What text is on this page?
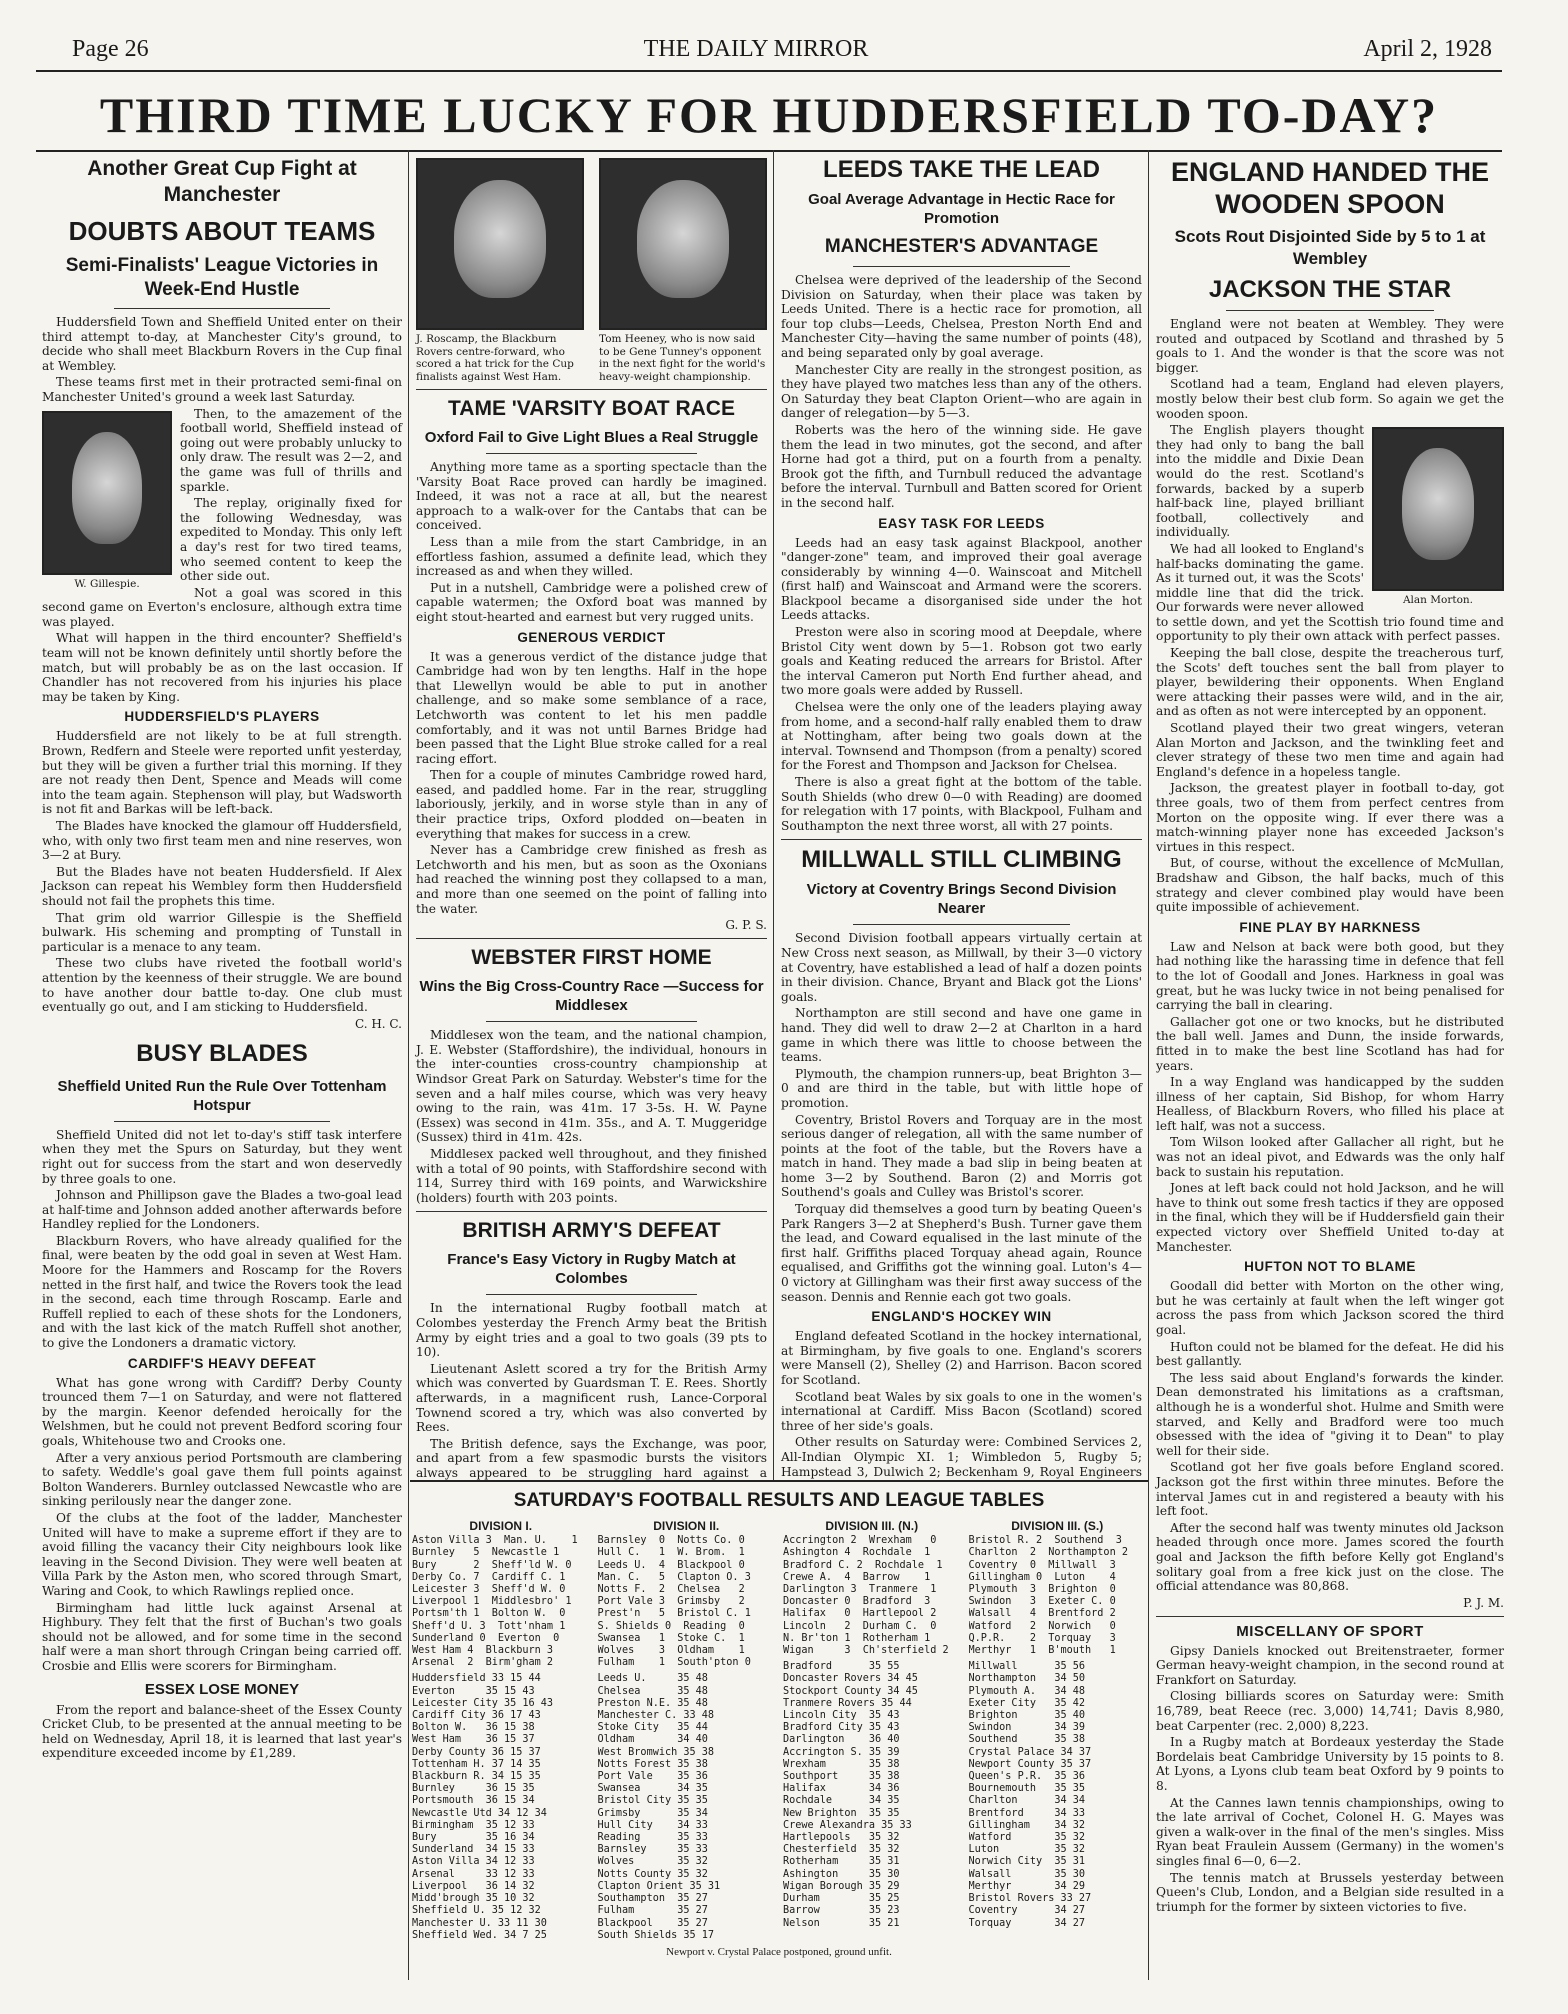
Page 26	THE DAILY MIRROR	April 2, 1928
THIRD TIME LUCKY FOR HUDDERSFIELD TO-DAY?
Another Great Cup Fight at Manchester
DOUBTS ABOUT TEAMS
Semi-Finalists' League Victories in Week-End Hustle

Huddersfield Town and Sheffield United enter on their third attempt to-day, at Manchester City's ground, to decide who shall meet Blackburn Rovers in the Cup final at Wembley.

These teams first met in their protracted semi-final on Manchester United's ground a week last Saturday.

W. Gillespie.

Then, to the amazement of the football world, Sheffield instead of going out were probably unlucky to only draw. The result was 2—2, and the game was full of thrills and sparkle.

The replay, originally fixed for the following Wednesday, was expedited to Monday. This only left a day's rest for two tired teams, who seemed content to keep the other side out.

Not a goal was scored in this second game on Everton's enclosure, although extra time was played.

What will happen in the third encounter? Sheffield's team will not be known definitely until shortly before the match, but will probably be as on the last occasion. If Chandler has not recovered from his injuries his place may be taken by King.

HUDDERSFIELD'S PLAYERS

Huddersfield are not likely to be at full strength. Brown, Redfern and Steele were reported unfit yesterday, but they will be given a further trial this morning. If they are not ready then Dent, Spence and Meads will come into the team again. Stephenson will play, but Wadsworth is not fit and Barkas will be left-back.

The Blades have knocked the glamour off Huddersfield, who, with only two first team men and nine reserves, won 3—2 at Bury.

But the Blades have not beaten Huddersfield. If Alex Jackson can repeat his Wembley form then Huddersfield should not fail the prophets this time.

That grim old warrior Gillespie is the Sheffield bulwark. His scheming and prompting of Tunstall in particular is a menace to any team.

These two clubs have riveted the football world's attention by the keenness of their struggle. We are bound to have another dour battle to-day. One club must eventually go out, and I am sticking to Huddersfield.

C. H. C.
BUSY BLADES
Sheffield United Run the Rule Over Tottenham Hotspur

Sheffield United did not let to-day's stiff task interfere when they met the Spurs on Saturday, but they went right out for success from the start and won deservedly by three goals to one.

Johnson and Phillipson gave the Blades a two-goal lead at half-time and Johnson added another afterwards before Handley replied for the Londoners.

Blackburn Rovers, who have already qualified for the final, were beaten by the odd goal in seven at West Ham. Moore for the Hammers and Roscamp for the Rovers netted in the first half, and twice the Rovers took the lead in the second, each time through Roscamp. Earle and Ruffell replied to each of these shots for the Londoners, and with the last kick of the match Ruffell shot another, to give the Londoners a dramatic victory.

CARDIFF'S HEAVY DEFEAT

What has gone wrong with Cardiff? Derby County trounced them 7—1 on Saturday, and were not flattered by the margin. Keenor defended heroically for the Welshmen, but he could not prevent Bedford scoring four goals, Whitehouse two and Crooks one.

After a very anxious period Portsmouth are clambering to safety. Weddle's goal gave them full points against Bolton Wanderers. Burnley outclassed Newcastle who are sinking perilously near the danger zone.

Of the clubs at the foot of the ladder, Manchester United will have to make a supreme effort if they are to avoid filling the vacancy their City neighbours look like leaving in the Second Division. They were well beaten at Villa Park by the Aston men, who scored through Smart, Waring and Cook, to which Rawlings replied once.

Birmingham had little luck against Arsenal at Highbury. They felt that the first of Buchan's two goals should not be allowed, and for some time in the second half were a man short through Cringan being carried off. Crosbie and Ellis were scorers for Birmingham.

ESSEX LOSE MONEY

From the report and balance-sheet of the Essex County Cricket Club, to be presented at the annual meeting to be held on Wednesday, April 18, it is learned that last year's expenditure exceeded income by £1,289.

J. Roscamp, the Blackburn Rovers centre-forward, who scored a hat trick for the Cup finalists against West Ham.
Tom Heeney, who is now said to be Gene Tunney's opponent in the next fight for the world's heavy-weight championship.
TAME 'VARSITY BOAT RACE
Oxford Fail to Give Light Blues a Real Struggle

Anything more tame as a sporting spectacle than the 'Varsity Boat Race proved can hardly be imagined. Indeed, it was not a race at all, but the nearest approach to a walk-over for the Cantabs that can be conceived.

Less than a mile from the start Cambridge, in an effortless fashion, assumed a definite lead, which they increased as and when they willed.

Put in a nutshell, Cambridge were a polished crew of capable watermen; the Oxford boat was manned by eight stout-hearted and earnest but very rugged units.

GENEROUS VERDICT

It was a generous verdict of the distance judge that Cambridge had won by ten lengths. Half in the hope that Llewellyn would be able to put in another challenge, and so make some semblance of a race, Letchworth was content to let his men paddle comfortably, and it was not until Barnes Bridge had been passed that the Light Blue stroke called for a real racing effort.

Then for a couple of minutes Cambridge rowed hard, eased, and paddled home. Far in the rear, struggling laboriously, jerkily, and in worse style than in any of their practice trips, Oxford plodded on—beaten in everything that makes for success in a crew.

Never has a Cambridge crew finished as fresh as Letchworth and his men, but as soon as the Oxonians had reached the winning post they collapsed to a man, and more than one seemed on the point of falling into the water.

G. P. S.
WEBSTER FIRST HOME
Wins the Big Cross-Country Race —Success for Middlesex

Middlesex won the team, and the national champion, J. E. Webster (Staffordshire), the individual, honours in the inter-counties cross-country championship at Windsor Great Park on Saturday. Webster's time for the seven and a half miles course, which was very heavy owing to the rain, was 41m. 17 3-5s. H. W. Payne (Essex) was second in 41m. 35s., and A. T. Muggeridge (Sussex) third in 41m. 42s.

Middlesex packed well throughout, and they finished with a total of 90 points, with Staffordshire second with 114, Surrey third with 169 points, and Warwickshire (holders) fourth with 203 points.

BRITISH ARMY'S DEFEAT
France's Easy Victory in Rugby Match at Colombes

In the international Rugby football match at Colombes yesterday the French Army beat the British Army by eight tries and a goal to two goals (39 pts to 10).

Lieutenant Aslett scored a try for the British Army which was converted by Guardsman T. E. Rees. Shortly afterwards, in a magnificent rush, Lance-Corporal Townend scored a try, which was also converted by Rees.

The British defence, says the Exchange, was poor, and apart from a few spasmodic bursts the visitors always appeared to be struggling hard against a

LEEDS TAKE THE LEAD
Goal Average Advantage in Hectic Race for Promotion
MANCHESTER'S ADVANTAGE

Chelsea were deprived of the leadership of the Second Division on Saturday, when their place was taken by Leeds United. There is a hectic race for promotion, all four top clubs—Leeds, Chelsea, Preston North End and Manchester City—having the same number of points (48), and being separated only by goal average.

Manchester City are really in the strongest position, as they have played two matches less than any of the others. On Saturday they beat Clapton Orient—who are again in danger of relegation—by 5—3.

Roberts was the hero of the winning side. He gave them the lead in two minutes, got the second, and after Horne had got a third, put on a fourth from a penalty. Brook got the fifth, and Turnbull reduced the advantage before the interval. Turnbull and Batten scored for Orient in the second half.

EASY TASK FOR LEEDS

Leeds had an easy task against Blackpool, another "danger-zone" team, and improved their goal average considerably by winning 4—0. Wainscoat and Mitchell (first half) and Wainscoat and Armand were the scorers. Blackpool became a disorganised side under the hot Leeds attacks.

Preston were also in scoring mood at Deepdale, where Bristol City went down by 5—1. Robson got two early goals and Keating reduced the arrears for Bristol. After the interval Cameron put North End further ahead, and two more goals were added by Russell.

Chelsea were the only one of the leaders playing away from home, and a second-half rally enabled them to draw at Nottingham, after being two goals down at the interval. Townsend and Thompson (from a penalty) scored for the Forest and Thompson and Jackson for Chelsea.

There is also a great fight at the bottom of the table. South Shields (who drew 0—0 with Reading) are doomed for relegation with 17 points, with Blackpool, Fulham and Southampton the next three worst, all with 27 points.

MILLWALL STILL CLIMBING
Victory at Coventry Brings Second Division Nearer

Second Division football appears virtually certain at New Cross next season, as Millwall, by their 3—0 victory at Coventry, have established a lead of half a dozen points in their division. Chance, Bryant and Black got the Lions' goals.

Northampton are still second and have one game in hand. They did well to draw 2—2 at Charlton in a hard game in which there was little to choose between the teams.

Plymouth, the champion runners-up, beat Brighton 3—0 and are third in the table, but with little hope of promotion.

Coventry, Bristol Rovers and Torquay are in the most serious danger of relegation, all with the same number of points at the foot of the table, but the Rovers have a match in hand. They made a bad slip in being beaten at home 3—2 by Southend. Baron (2) and Morris got Southend's goals and Culley was Bristol's scorer.

Torquay did themselves a good turn by beating Queen's Park Rangers 3—2 at Shepherd's Bush. Turner gave them the lead, and Coward equalised in the last minute of the first half. Griffiths placed Torquay ahead again, Rounce equalised, and Griffiths got the winning goal. Luton's 4—0 victory at Gillingham was their first away success of the season. Dennis and Rennie each got two goals.

ENGLAND'S HOCKEY WIN

England defeated Scotland in the hockey international, at Birmingham, by five goals to one. England's scorers were Mansell (2), Shelley (2) and Harrison. Bacon scored for Scotland.

Scotland beat Wales by six goals to one in the women's international at Cardiff. Miss Bacon (Scotland) scored three of her side's goals.

Other results on Saturday were: Combined Services 2, All-Indian Olympic XI. 1; Wimbledon 5, Rugby 5; Hampstead 3, Dulwich 2; Beckenham 9, Royal Engineers

ENGLAND HANDED THE WOODEN SPOON
Scots Rout Disjointed Side by 5 to 1 at Wembley
JACKSON THE STAR

England were not beaten at Wembley. They were routed and outpaced by Scotland and thrashed by 5 goals to 1. And the wonder is that the score was not bigger.

Scotland had a team, England had eleven players, mostly below their best club form. So again we get the wooden spoon.

Alan Morton.

The English players thought they had only to bang the ball into the middle and Dixie Dean would do the rest. Scotland's forwards, backed by a superb half-back line, played brilliant football, collectively and individually.

We had all looked to England's half-backs dominating the game. As it turned out, it was the Scots' middle line that did the trick. Our forwards were never allowed to settle down, and yet the Scottish trio found time and opportunity to ply their own attack with perfect passes.

Keeping the ball close, despite the treacherous turf, the Scots' deft touches sent the ball from player to player, bewildering their opponents. When England were attacking their passes were wild, and in the air, and as often as not were intercepted by an opponent.

Scotland played their two great wingers, veteran Alan Morton and Jackson, and the twinkling feet and clever strategy of these two men time and again had England's defence in a hopeless tangle.

Jackson, the greatest player in football to-day, got three goals, two of them from perfect centres from Morton on the opposite wing. If ever there was a match-winning player none has exceeded Jackson's virtues in this respect.

But, of course, without the excellence of McMullan, Bradshaw and Gibson, the half backs, much of this strategy and clever combined play would have been quite impossible of achievement.

FINE PLAY BY HARKNESS

Law and Nelson at back were both good, but they had nothing like the harassing time in defence that fell to the lot of Goodall and Jones. Harkness in goal was great, but he was lucky twice in not being penalised for carrying the ball in clearing.

Gallacher got one or two knocks, but he distributed the ball well. James and Dunn, the inside forwards, fitted in to make the best line Scotland has had for years.

In a way England was handicapped by the sudden illness of her captain, Sid Bishop, for whom Harry Healless, of Blackburn Rovers, who filled his place at left half, was not a success.

Tom Wilson looked after Gallacher all right, but he was not an ideal pivot, and Edwards was the only half back to sustain his reputation.

Jones at left back could not hold Jackson, and he will have to think out some fresh tactics if they are opposed in the final, which they will be if Huddersfield gain their expected victory over Sheffield United to-day at Manchester.

HUFTON NOT TO BLAME

Goodall did better with Morton on the other wing, but he was certainly at fault when the left winger got across the pass from which Jackson scored the third goal.

Hufton could not be blamed for the defeat. He did his best gallantly.

The less said about England's forwards the kinder. Dean demonstrated his limitations as a craftsman, although he is a wonderful shot. Hulme and Smith were starved, and Kelly and Bradford were too much obsessed with the idea of "giving it to Dean" to play well for their side.

Scotland got her five goals before England scored. Jackson got the first within three minutes. Before the interval James cut in and registered a beauty with his left foot.

After the second half was twenty minutes old Jackson headed through once more. James scored the fourth goal and Jackson the fifth before Kelly got England's solitary goal from a free kick just on the close. The official attendance was 80,868.

P. J. M.
MISCELLANY OF SPORT

Gipsy Daniels knocked out Breitenstraeter, former German heavy-weight champion, in the second round at Frankfort on Saturday.

Closing billiards scores on Saturday were: Smith 16,789, beat Reece (rec. 3,000) 14,741; Davis 8,980, beat Carpenter (rec. 2,000) 8,223.

In a Rugby match at Bordeaux yesterday the Stade Bordelais beat Cambridge University by 15 points to 8. At Lyons, a Lyons club team beat Oxford by 9 points to 8.

At the Cannes lawn tennis championships, owing to the late arrival of Cochet, Colonel H. G. Mayes was given a walk-over in the final of the men's singles. Miss Ryan beat Fraulein Aussem (Germany) in the women's singles final 6—0, 6—2.

The tennis match at Brussels yesterday between Queen's Club, London, and a Belgian side resulted in a triumph for the former by sixteen victories to five.

SATURDAY'S FOOTBALL RESULTS AND LEAGUE TABLES
DIVISION I.
Aston Villa 3  Man. U.    1
Burnley   5  Newcastle 1
Bury      2  Sheff'ld W. 0
Derby Co. 7  Cardiff C. 1
Leicester 3  Sheff'd W. 0
Liverpool 1  Middlesbro' 1
Portsm'th 1  Bolton W.  0
Sheff'd U. 3  Tott'nham 1
Sunderland 0  Everton  0
West Ham 4  Blackburn 3
Arsenal  2  Birm'gham 2
Huddersfield 33 15 44
Everton     35 15 43
Leicester City 35 16 43
Cardiff City 36 17 43
Bolton W.   36 15 38
West Ham    36 15 37
Derby County 36 15 37
Tottenham H. 37 14 35
Blackburn R. 34 15 35
Burnley     36 15 35
Portsmouth  36 15 34
Newcastle Utd 34 12 34
Birmingham  35 12 33
Bury        35 16 34
Sunderland  34 15 33
Aston Villa 34 12 33
Arsenal     33 12 33
Liverpool   36 14 32
Midd'brough 35 10 32
Sheffield U. 35 12 32
Manchester U. 33 11 30
Sheffield Wed. 34 7 25
DIVISION II.
Barnsley  0  Notts Co. 0
Hull C.   1  W. Brom.  1
Leeds U.  4  Blackpool 0
Man. C.   5  Clapton O. 3
Notts F.  2  Chelsea   2
Port Vale 3  Grimsby   2
Prest'n   5  Bristol C. 1
S. Shields 0  Reading  0
Swansea   1  Stoke C.  1
Wolves    3  Oldham    1
Fulham    1  South'pton 0
Leeds U.     35 48
Chelsea      35 48
Preston N.E. 35 48
Manchester C. 33 48
Stoke City   35 44
Oldham       34 40
West Bromwich 35 38
Notts Forest 35 38
Port Vale    35 36
Swansea      34 35
Bristol City 35 35
Grimsby      35 34
Hull City    34 33
Reading      35 33
Barnsley     35 33
Wolves       35 32
Notts County 35 32
Clapton Orient 35 31
Southampton  35 27
Fulham       35 27
Blackpool    35 27
South Shields 35 17
DIVISION III. (N.)
Accrington 2  Wrexham   0
Ashington 4  Rochdale  1
Bradford C. 2  Rochdale  1
Crewe A.  4  Barrow    1
Darlington 3  Tranmere  1
Doncaster 0  Bradford  3
Halifax   0  Hartlepool 2
Lincoln   2  Durham C.  0
N. Br'ton 1  Rotherham 1
Wigan     3  Ch'sterfield 2
Bradford      35 55
Doncaster Rovers 34 45
Stockport County 34 45
Tranmere Rovers 35 44
Lincoln City  35 43
Bradford City 35 43
Darlington    36 40
Accrington S. 35 39
Wrexham       35 38
Southport     35 38
Halifax       34 36
Rochdale      34 35
New Brighton  35 35
Crewe Alexandra 35 33
Hartlepools   35 32
Chesterfield  35 32
Rotherham     35 31
Ashington     35 30
Wigan Borough 35 29
Durham        35 25
Barrow        35 23
Nelson        35 21
DIVISION III. (S.)
Bristol R. 2  Southend  3
Charlton  2  Northampton 2
Coventry  0  Millwall  3
Gillingham 0  Luton    4
Plymouth  3  Brighton  0
Swindon   3  Exeter C. 0
Walsall   4  Brentford 2
Watford   2  Norwich   0
Q.P.R.    2  Torquay   3
Merthyr   1  B'mouth   1
Millwall      35 56
Northampton   34 50
Plymouth A.   34 48
Exeter City   35 42
Brighton      35 40
Swindon       34 39
Southend      35 38
Crystal Palace 34 37
Newport County 35 37
Queen's P.R.  35 36
Bournemouth   35 35
Charlton      34 34
Brentford     34 33
Gillingham    34 32
Watford       35 32
Luton         35 32
Norwich City  35 31
Walsall       35 30
Merthyr       34 29
Bristol Rovers 33 27
Coventry      34 27
Torquay       34 27
Newport v. Crystal Palace postponed, ground unfit.
